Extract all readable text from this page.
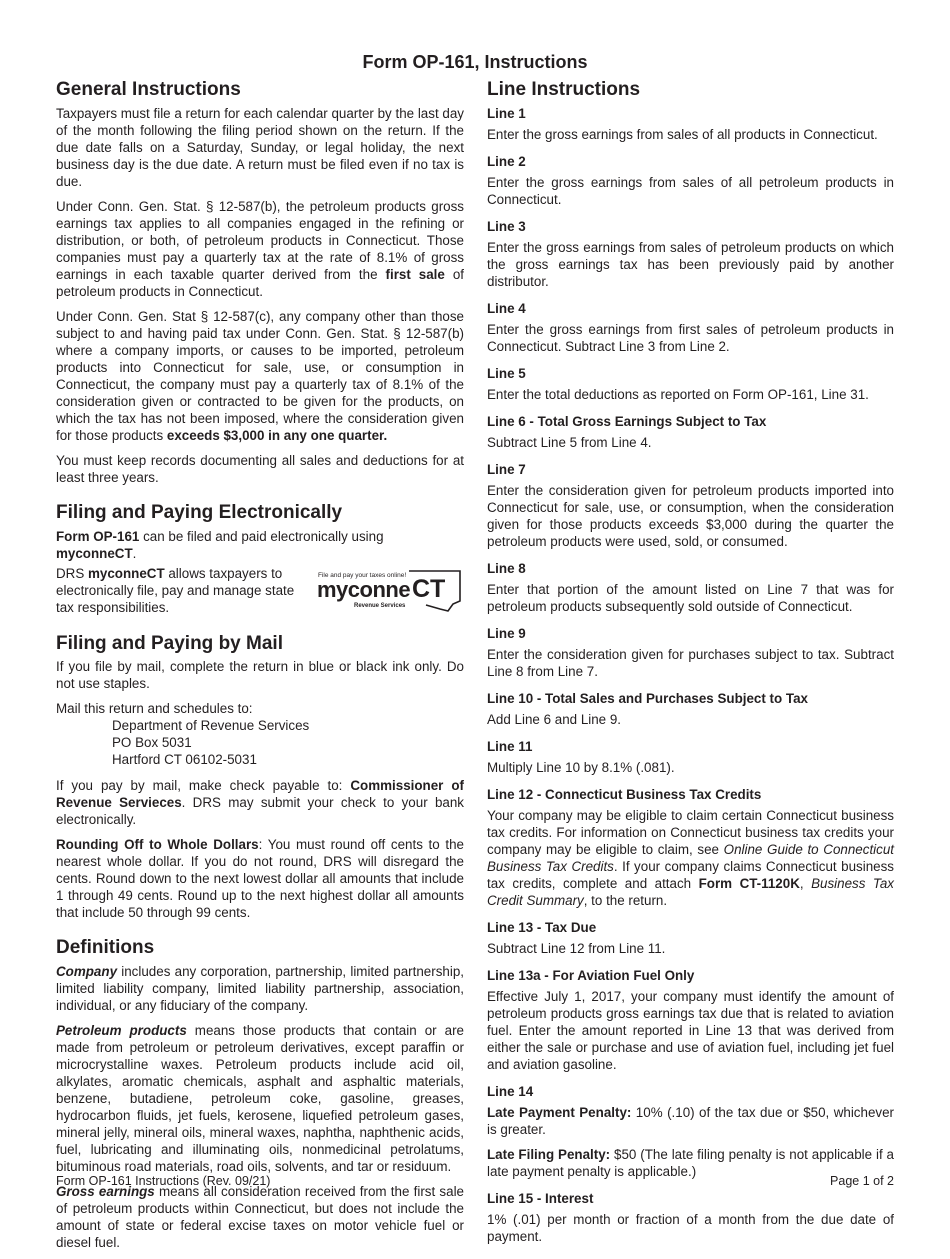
Form OP-161, Instructions
General Instructions

Taxpayers must file a return for each calendar quarter by the last day of the month following the filing period shown on the return. If the due date falls on a Saturday, Sunday, or legal holiday, the next business day is the due date. A return must be filed even if no tax is due.

Under Conn. Gen. Stat. § 12-587(b), the petroleum products gross earnings tax applies to all companies engaged in the refining or distribution, or both, of petroleum products in Connecticut. Those companies must pay a quarterly tax at the rate of 8.1% of gross earnings in each taxable quarter derived from the first sale of petroleum products in Connecticut.

Under Conn. Gen. Stat § 12-587(c), any company other than those subject to and having paid tax under Conn. Gen. Stat. § 12-587(b) where a company imports, or causes to be imported, petroleum products into Connecticut for sale, use, or consumption in Connecticut, the company must pay a quarterly tax of 8.1% of the consideration given or contracted to be given for the products, on which the tax has not been imposed, where the consideration given for those products exceeds $3,000 in any one quarter.

You must keep records documenting all sales and deductions for at least three years.

Filing and Paying Electronically

Form OP-161 can be filed and paid electronically using myconneCT.

DRS myconneCT allows taxpayers to electronically file, pay and manage state tax responsibilities.

File and pay your taxes online!
myconne CT
Revenue Services
Filing and Paying by Mail

If you file by mail, complete the return in blue or black ink only. Do not use staples.

Mail this return and schedules to:
Department of Revenue Services
PO Box 5031
Hartford CT 06102-5031

If you pay by mail, make check payable to: Commissioner of Revenue Servieces. DRS may submit your check to your bank electronically.

Rounding Off to Whole Dollars: You must round off cents to the nearest whole dollar. If you do not round, DRS will disregard the cents. Round down to the next lowest dollar all amounts that include 1 through 49 cents. Round up to the next highest dollar all amounts that include 50 through 99 cents.

Definitions

Company includes any corporation, partnership, limited partnership, limited liability company, limited liability partnership, association, individual, or any fiduciary of the company.

Petroleum products means those products that contain or are made from petroleum or petroleum derivatives, except paraffin or microcrystalline waxes. Petroleum products include acid oil, alkylates, aromatic chemicals, asphalt and asphaltic materials, benzene, butadiene, petroleum coke, gasoline, greases, hydrocarbon fluids, jet fuels, kerosene, liquefied petroleum gases, mineral jelly, mineral oils, mineral waxes, naphtha, naphthenic acids, fuel, lubricating and illuminating oils, nonmedicinal petrolatums, bituminous road materials, road oils, solvents, and tar or residuum.

Gross earnings means all consideration received from the first sale of petroleum products within Connecticut, but does not include the amount of state or federal excise taxes on motor vehicle fuel or diesel fuel.

Line Instructions
Line 1

Enter the gross earnings from sales of all products in Connecticut.

Line 2

Enter the gross earnings from sales of all petroleum products in Connecticut.

Line 3

Enter the gross earnings from sales of petroleum products on which the gross earnings tax has been previously paid by another distributor.

Line 4

Enter the gross earnings from first sales of petroleum products in Connecticut. Subtract Line 3 from Line 2.

Line 5

Enter the total deductions as reported on Form OP-161, Line 31.

Line 6 - Total Gross Earnings Subject to Tax

Subtract Line 5 from Line 4.

Line 7

Enter the consideration given for petroleum products imported into Connecticut for sale, use, or consumption, when the consideration given for those products exceeds $3,000 during the quarter the petroleum products were used, sold, or consumed.

Line 8

Enter that portion of the amount listed on Line 7 that was for petroleum products subsequently sold outside of Connecticut.

Line 9

Enter the consideration given for purchases subject to tax. Subtract Line 8 from Line 7.

Line 10 - Total Sales and Purchases Subject to Tax

Add Line 6 and Line 9.

Line 11

Multiply Line 10 by 8.1% (.081).

Line 12 - Connecticut Business Tax Credits

Your company may be eligible to claim certain Connecticut business tax credits. For information on Connecticut business tax credits your company may be eligible to claim, see Online Guide to Connecticut Business Tax Credits. If your company claims Connecticut business tax credits, complete and attach Form CT-1120K, Business Tax Credit Summary, to the return.

Line 13 - Tax Due

Subtract Line 12 from Line 11.

Line 13a - For Aviation Fuel Only

Effective July 1, 2017, your company must identify the amount of petroleum products gross earnings tax due that is related to aviation fuel. Enter the amount reported in Line 13 that was derived from either the sale or purchase and use of aviation fuel, including jet fuel and aviation gasoline.

Line 14

Late Payment Penalty: 10% (.10) of the tax due or $50, whichever is greater.

Late Filing Penalty: $50 (The late filing penalty is not applicable if a late payment penalty is applicable.)

Line 15 - Interest

1% (.01) per month or fraction of a month from the due date of payment.

Form OP-161 Instructions (Rev. 09/21)	Page 1 of 2
